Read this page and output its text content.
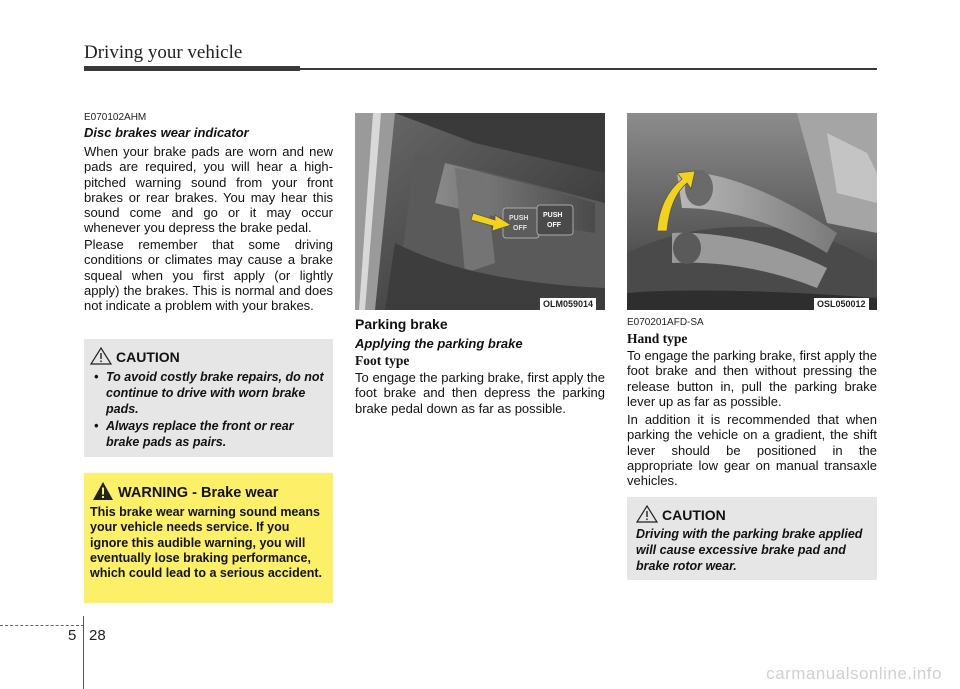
Driving your vehicle
E070102AHM
Disc brakes wear indicator
When your brake pads are worn and new pads are required, you will hear a high-pitched warning sound from your front brakes or rear brakes. You may hear this sound come and go or it may occur whenever you depress the brake pedal.
Please remember that some driving conditions or climates may cause a brake squeal when you first apply (or lightly apply) the brakes. This is normal and does not indicate a problem with your brakes.
CAUTION
• To avoid costly brake repairs, do not continue to drive with worn brake pads.
• Always replace the front or rear brake pads as pairs.
WARNING - Brake wear
This brake wear warning sound means your vehicle needs service. If you ignore this audible warning, you will eventually lose braking performance, which could lead to a serious accident.
PUSH
OFF
PUSH
OFF
OLM059014
Parking brake
Applying the parking brake
Foot type
To engage the parking brake, first apply the foot brake and then depress the parking brake pedal down as far as possible.
OSL050012
E070201AFD-SA
Hand type
To engage the parking brake, first apply the foot brake and then without pressing the release button in, pull the parking brake lever up as far as possible.
In addition it is recommended that when parking the vehicle on a gradient, the shift lever should be positioned in the appropriate low gear on manual transaxle vehicles.
CAUTION
Driving with the parking brake applied will cause excessive brake pad and brake rotor wear.
5 28
carmanualsonline.info
